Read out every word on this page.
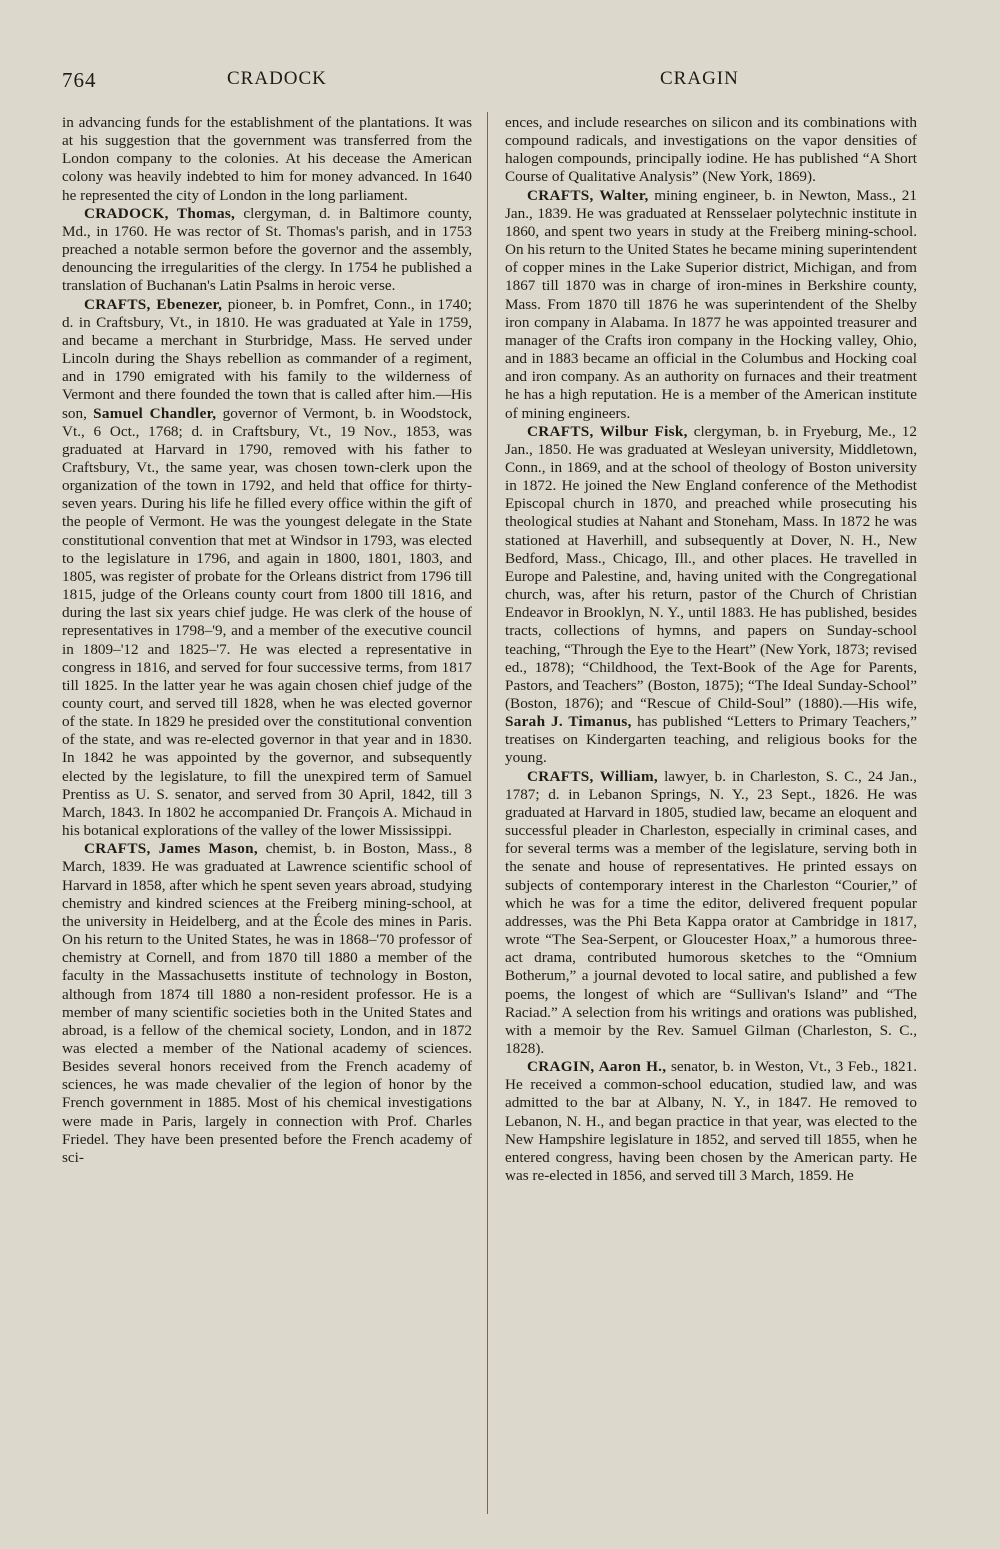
764	CRADOCK	CRAGIN

in advancing funds for the establishment of the plantations. It was at his suggestion that the government was transferred from the London company to the colonies. At his decease the American colony was heavily indebted to him for money advanced. In 1640 he represented the city of London in the long parliament.

CRADOCK, Thomas, clergyman, d. in Baltimore county, Md., in 1760. He was rector of St. Thomas's parish, and in 1753 preached a notable sermon before the governor and the assembly, denouncing the irregularities of the clergy. In 1754 he published a translation of Buchanan's Latin Psalms in heroic verse.

CRAFTS, Ebenezer, pioneer, b. in Pomfret, Conn., in 1740; d. in Craftsbury, Vt., in 1810. He was graduated at Yale in 1759, and became a merchant in Sturbridge, Mass. He served under Lincoln during the Shays rebellion as commander of a regiment, and in 1790 emigrated with his family to the wilderness of Vermont and there founded the town that is called after him.—His son, Samuel Chandler, governor of Vermont, b. in Woodstock, Vt., 6 Oct., 1768; d. in Craftsbury, Vt., 19 Nov., 1853, was graduated at Harvard in 1790, removed with his father to Craftsbury, Vt., the same year, was chosen town-clerk upon the organization of the town in 1792, and held that office for thirty-seven years. During his life he filled every office within the gift of the people of Vermont. He was the youngest delegate in the State constitutional convention that met at Windsor in 1793, was elected to the legislature in 1796, and again in 1800, 1801, 1803, and 1805, was register of probate for the Orleans district from 1796 till 1815, judge of the Orleans county court from 1800 till 1816, and during the last six years chief judge. He was clerk of the house of representatives in 1798–'9, and a member of the executive council in 1809–'12 and 1825–'7. He was elected a representative in congress in 1816, and served for four successive terms, from 1817 till 1825. In the latter year he was again chosen chief judge of the county court, and served till 1828, when he was elected governor of the state. In 1829 he presided over the constitutional convention of the state, and was re-elected governor in that year and in 1830. In 1842 he was appointed by the governor, and subsequently elected by the legislature, to fill the unexpired term of Samuel Prentiss as U. S. senator, and served from 30 April, 1842, till 3 March, 1843. In 1802 he accompanied Dr. François A. Michaud in his botanical explorations of the valley of the lower Mississippi.

CRAFTS, James Mason, chemist, b. in Boston, Mass., 8 March, 1839. He was graduated at Lawrence scientific school of Harvard in 1858, after which he spent seven years abroad, studying chemistry and kindred sciences at the Freiberg mining-school, at the university in Heidelberg, and at the École des mines in Paris. On his return to the United States, he was in 1868–'70 professor of chemistry at Cornell, and from 1870 till 1880 a member of the faculty in the Massachusetts institute of technology in Boston, although from 1874 till 1880 a non-resident professor. He is a member of many scientific societies both in the United States and abroad, is a fellow of the chemical society, London, and in 1872 was elected a member of the National academy of sciences. Besides several honors received from the French academy of sciences, he was made chevalier of the legion of honor by the French government in 1885. Most of his chemical investigations were made in Paris, largely in connection with Prof. Charles Friedel. They have been presented before the French academy of sci-

ences, and include researches on silicon and its combinations with compound radicals, and investigations on the vapor densities of halogen compounds, principally iodine. He has published “A Short Course of Qualitative Analysis” (New York, 1869).

CRAFTS, Walter, mining engineer, b. in Newton, Mass., 21 Jan., 1839. He was graduated at Rensselaer polytechnic institute in 1860, and spent two years in study at the Freiberg mining-school. On his return to the United States he became mining superintendent of copper mines in the Lake Superior district, Michigan, and from 1867 till 1870 was in charge of iron-mines in Berkshire county, Mass. From 1870 till 1876 he was superintendent of the Shelby iron company in Alabama. In 1877 he was appointed treasurer and manager of the Crafts iron company in the Hocking valley, Ohio, and in 1883 became an official in the Columbus and Hocking coal and iron company. As an authority on furnaces and their treatment he has a high reputation. He is a member of the American institute of mining engineers.

CRAFTS, Wilbur Fisk, clergyman, b. in Fryeburg, Me., 12 Jan., 1850. He was graduated at Wesleyan university, Middletown, Conn., in 1869, and at the school of theology of Boston university in 1872. He joined the New England conference of the Methodist Episcopal church in 1870, and preached while prosecuting his theological studies at Nahant and Stoneham, Mass. In 1872 he was stationed at Haverhill, and subsequently at Dover, N. H., New Bedford, Mass., Chicago, Ill., and other places. He travelled in Europe and Palestine, and, having united with the Congregational church, was, after his return, pastor of the Church of Christian Endeavor in Brooklyn, N. Y., until 1883. He has published, besides tracts, collections of hymns, and papers on Sunday-school teaching, “Through the Eye to the Heart” (New York, 1873; revised ed., 1878); “Childhood, the Text-Book of the Age for Parents, Pastors, and Teachers” (Boston, 1875); “The Ideal Sunday-School” (Boston, 1876); and “Rescue of Child-Soul” (1880).—His wife, Sarah J. Timanus, has published “Letters to Primary Teachers,” treatises on Kindergarten teaching, and religious books for the young.

CRAFTS, William, lawyer, b. in Charleston, S. C., 24 Jan., 1787; d. in Lebanon Springs, N. Y., 23 Sept., 1826. He was graduated at Harvard in 1805, studied law, became an eloquent and successful pleader in Charleston, especially in criminal cases, and for several terms was a member of the legislature, serving both in the senate and house of representatives. He printed essays on subjects of contemporary interest in the Charleston “Courier,” of which he was for a time the editor, delivered frequent popular addresses, was the Phi Beta Kappa orator at Cambridge in 1817, wrote “The Sea-Serpent, or Gloucester Hoax,” a humorous three-act drama, contributed humorous sketches to the “Omnium Botherum,” a journal devoted to local satire, and published a few poems, the longest of which are “Sullivan's Island” and “The Raciad.” A selection from his writings and orations was published, with a memoir by the Rev. Samuel Gilman (Charleston, S. C., 1828).

CRAGIN, Aaron H., senator, b. in Weston, Vt., 3 Feb., 1821. He received a common-school education, studied law, and was admitted to the bar at Albany, N. Y., in 1847. He removed to Lebanon, N. H., and began practice in that year, was elected to the New Hampshire legislature in 1852, and served till 1855, when he entered congress, having been chosen by the American party. He was re-elected in 1856, and served till 3 March, 1859. He
